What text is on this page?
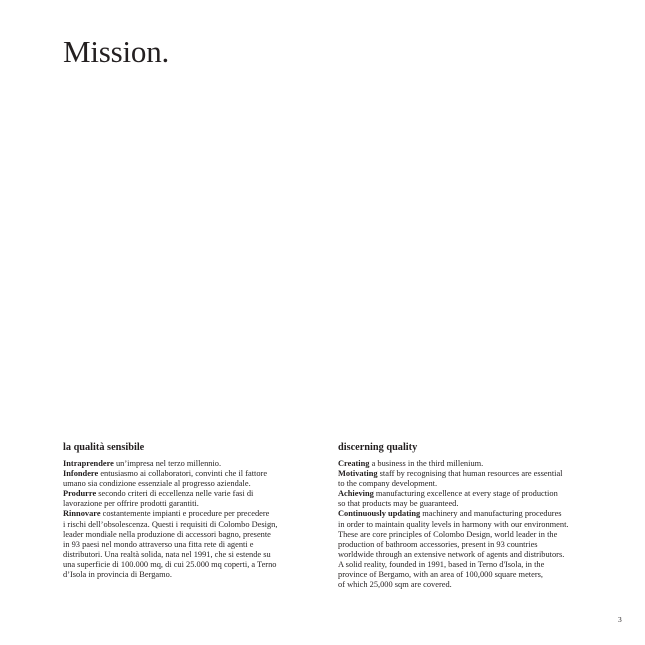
Mission.
la qualità sensibile
Intraprendere un’impresa nel terzo millennio.
Infondere entusiasmo ai collaboratori, convinti che il fattore
umano sia condizione essenziale al progresso aziendale.
Produrre secondo criteri di eccellenza nelle varie fasi di
lavorazione per offrire prodotti garantiti.
Rinnovare costantemente impianti e procedure per precedere
i rischi dell’obsolescenza. Questi i requisiti di Colombo Design,
leader mondiale nella produzione di accessori bagno, presente
in 93 paesi nel mondo attraverso una fitta rete di agenti e
distributori. Una realtà solida, nata nel 1991, che si estende su
una superficie di 100.000 mq, di cui 25.000 mq coperti, a Terno
d’Isola in provincia di Bergamo.
discerning quality
Creating a business in the third millenium.
Motivating staff by recognising that human resources are essential
to the company development.
Achieving manufacturing excellence at every stage of production
so that products may be guaranteed.
Continuously updating machinery and manufacturing procedures
in order to maintain quality levels in harmony with our environment.
These are core principles of Colombo Design, world leader in the
production of bathroom accessories, present in 93 countries
worldwide through an extensive network of agents and distributors.
A solid reality, founded in 1991, based in Terno d'Isola, in the
province of Bergamo, with an area of 100,000 square meters,
of which 25,000 sqm are covered.
3
